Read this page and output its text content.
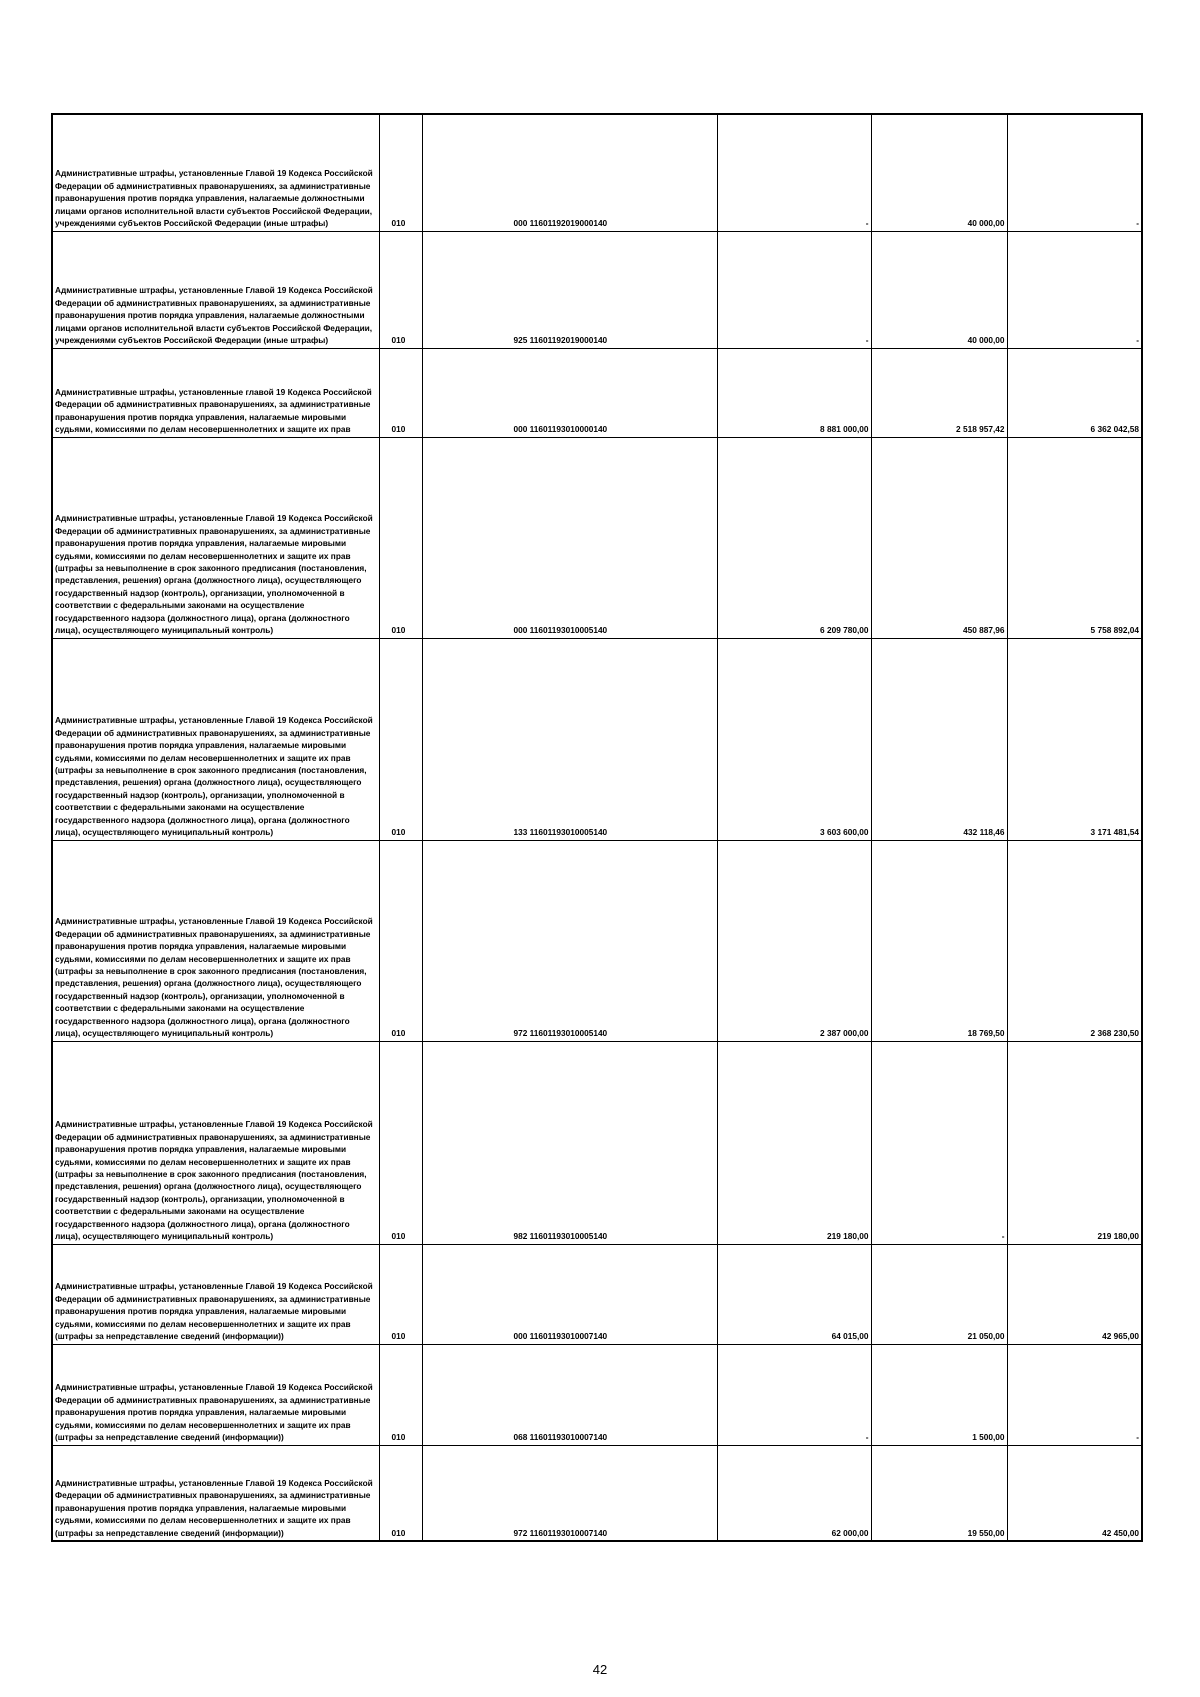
Административные штрафы, установленные Главой 19 Кодекса Российской Федерации об административных правонарушениях, за административные правонарушения против порядка управления, налагаемые должностными лицами органов исполнительной власти субъектов Российской Федерации, учреждениями субъектов Российской Федерации (иные штрафы)	010	000 11601192019000140	-	40 000,00	-
Административные штрафы, установленные Главой 19 Кодекса Российской Федерации об административных правонарушениях, за административные правонарушения против порядка управления, налагаемые должностными лицами органов исполнительной власти субъектов Российской Федерации, учреждениями субъектов Российской Федерации (иные штрафы)	010	925 11601192019000140	-	40 000,00	-
Административные штрафы, установленные главой 19 Кодекса Российской Федерации об административных правонарушениях, за административные правонарушения против порядка управления, налагаемые мировыми судьями, комиссиями по делам несовершеннолетних и защите их прав	010	000 11601193010000140	8 881 000,00	2 518 957,42	6 362 042,58
Административные штрафы, установленные Главой 19 Кодекса Российской Федерации об административных правонарушениях, за административные правонарушения против порядка управления, налагаемые мировыми судьями, комиссиями по делам несовершеннолетних и защите их прав (штрафы за невыполнение в срок законного предписания (постановления, представления, решения) органа (должностного лица), осуществляющего государственный надзор (контроль), организации, уполномоченной в соответствии с федеральными законами на осуществление государственного надзора (должностного лица), органа (должностного лица), осуществляющего муниципальный контроль)	010	000 11601193010005140	6 209 780,00	450 887,96	5 758 892,04
Административные штрафы, установленные Главой 19 Кодекса Российской Федерации об административных правонарушениях, за административные правонарушения против порядка управления, налагаемые мировыми судьями, комиссиями по делам несовершеннолетних и защите их прав (штрафы за невыполнение в срок законного предписания (постановления, представления, решения) органа (должностного лица), осуществляющего государственный надзор (контроль), организации, уполномоченной в соответствии с федеральными законами на осуществление государственного надзора (должностного лица), органа (должностного лица), осуществляющего муниципальный контроль)	010	133 11601193010005140	3 603 600,00	432 118,46	3 171 481,54
Административные штрафы, установленные Главой 19 Кодекса Российской Федерации об административных правонарушениях, за административные правонарушения против порядка управления, налагаемые мировыми судьями, комиссиями по делам несовершеннолетних и защите их прав (штрафы за невыполнение в срок законного предписания (постановления, представления, решения) органа (должностного лица), осуществляющего государственный надзор (контроль), организации, уполномоченной в соответствии с федеральными законами на осуществление государственного надзора (должностного лица), органа (должностного лица), осуществляющего муниципальный контроль)	010	972 11601193010005140	2 387 000,00	18 769,50	2 368 230,50
Административные штрафы, установленные Главой 19 Кодекса Российской Федерации об административных правонарушениях, за административные правонарушения против порядка управления, налагаемые мировыми судьями, комиссиями по делам несовершеннолетних и защите их прав (штрафы за невыполнение в срок законного предписания (постановления, представления, решения) органа (должностного лица), осуществляющего государственный надзор (контроль), организации, уполномоченной в соответствии с федеральными законами на осуществление государственного надзора (должностного лица), органа (должностного лица), осуществляющего муниципальный контроль)	010	982 11601193010005140	219 180,00	-	219 180,00
Административные штрафы, установленные Главой 19 Кодекса Российской Федерации об административных правонарушениях, за административные правонарушения против порядка управления, налагаемые мировыми судьями, комиссиями по делам несовершеннолетних и защите их прав (штрафы за непредставление сведений (информации))	010	000 11601193010007140	64 015,00	21 050,00	42 965,00
Административные штрафы, установленные Главой 19 Кодекса Российской Федерации об административных правонарушениях, за административные правонарушения против порядка управления, налагаемые мировыми судьями, комиссиями по делам несовершеннолетних и защите их прав (штрафы за непредставление сведений (информации))	010	068 11601193010007140	-	1 500,00	-
Административные штрафы, установленные Главой 19 Кодекса Российской Федерации об административных правонарушениях, за административные правонарушения против порядка управления, налагаемые мировыми судьями, комиссиями по делам несовершеннолетних и защите их прав (штрафы за непредставление сведений (информации))	010	972 11601193010007140	62 000,00	19 550,00	42 450,00
42
